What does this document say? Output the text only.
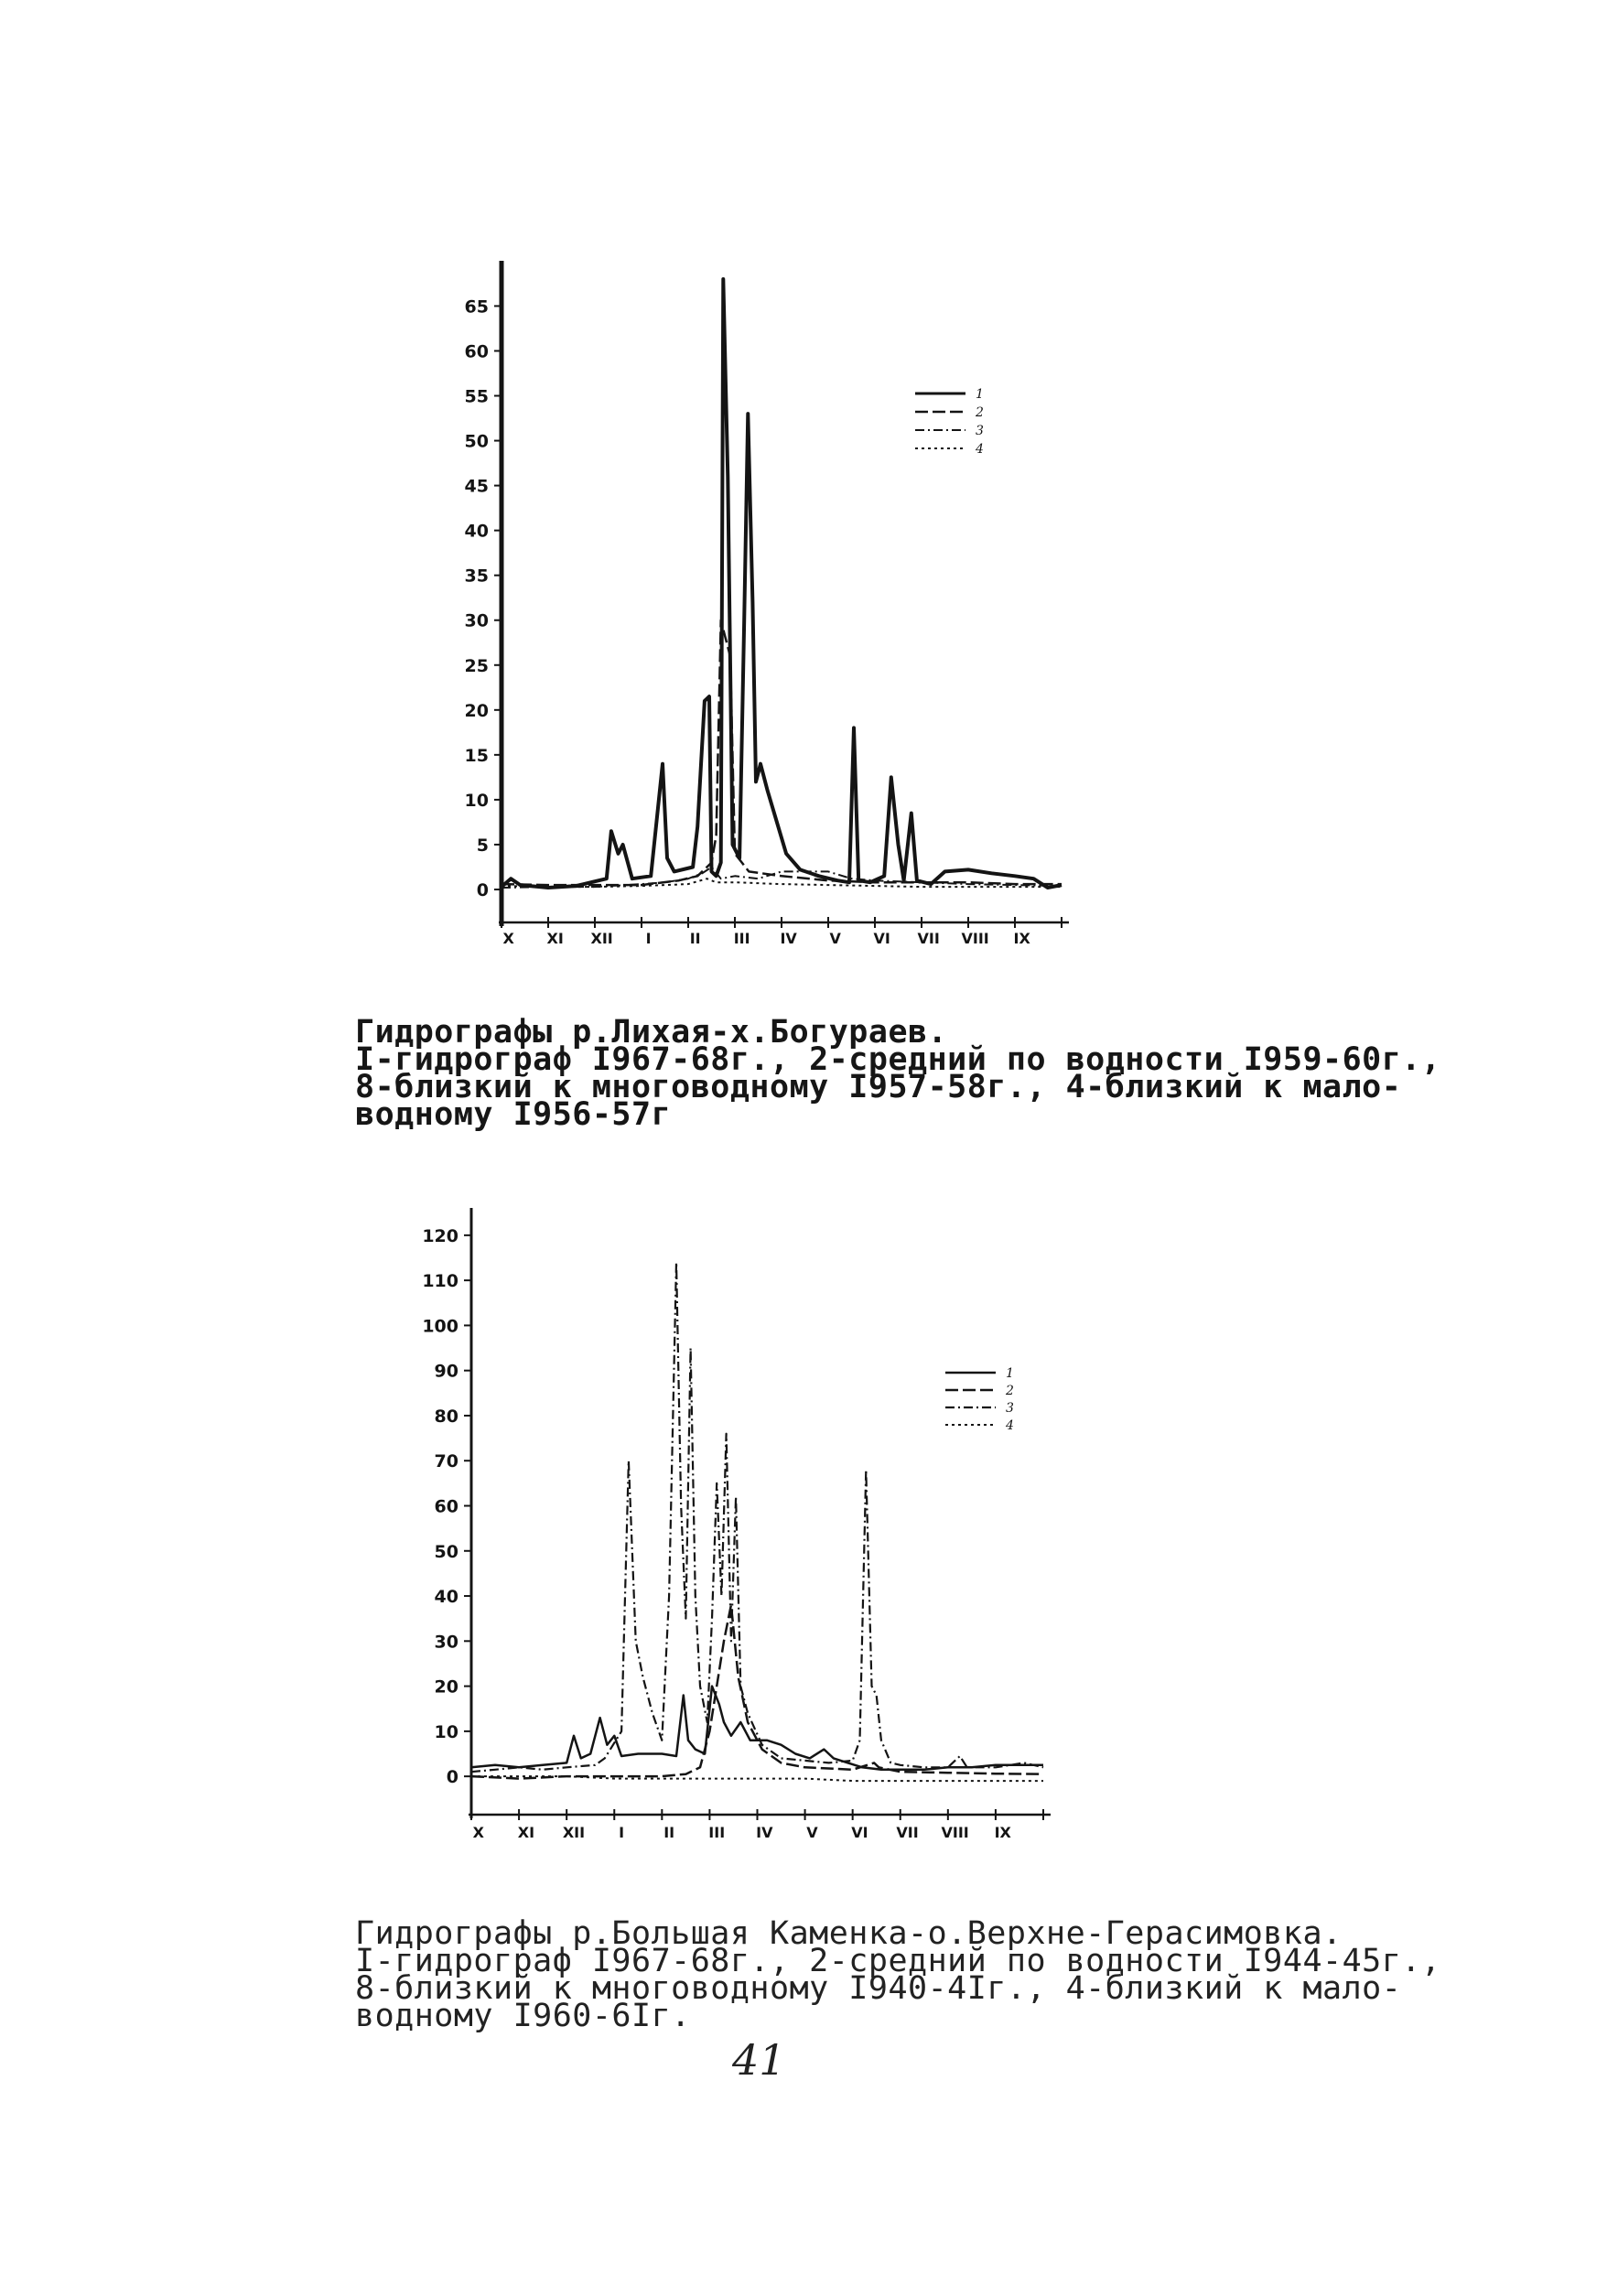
0
5
10
15
20
25
30
35
40
45
50
55
60
65
X XI XII I	II III IV V VI VII VIII IX
1
2
3
4
0
10
20
30
40
50
60
70
80
90
100
110
120
X XI XII I	II III IV V VI VII VIII IX
1
2
3
4
Гидрографы р.Лихая-х.Богураев.
I-гидрограф I967-68г., 2-средний по водности I959-60г.,
8-близкий к многоводному I957-58г., 4-близкий к мало-
водному I956-57г
Гидрографы р.Большая Каменка-о.Верхне-Герасимовка.
I-гидрограф I967-68г., 2-средний по водности I944-45г.,
8-близкий к многоводному I940-4Iг., 4-близкий к мало-
водному I960-6Iг.
41
